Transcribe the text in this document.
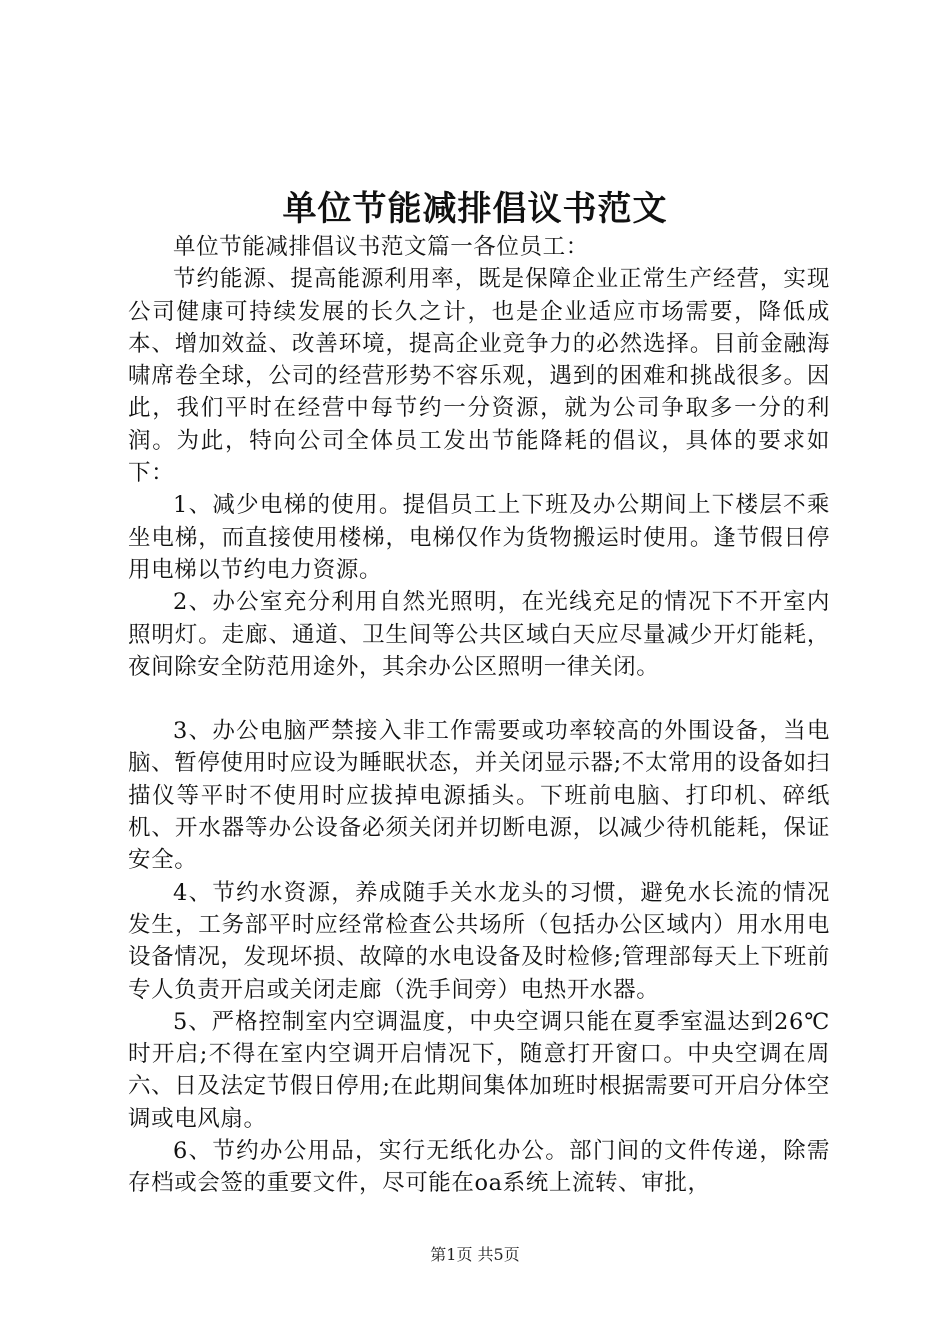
单位节能减排倡议书范文

单位节能减排倡议书范文篇一各位员工：

节约能源、提高能源利用率，既是保障企业正常生产经营，实现公司健康可持续发展的长久之计，也是企业适应市场需要，降低成本、增加效益、改善环境，提高企业竞争力的必然选择。目前金融海啸席卷全球，公司的经营形势不容乐观，遇到的困难和挑战很多。因此，我们平时在经营中每节约一分资源，就为公司争取多一分的利润。为此，特向公司全体员工发出节能降耗的倡议，具体的要求如下：

1、减少电梯的使用。提倡员工上下班及办公期间上下楼层不乘坐电梯，而直接使用楼梯，电梯仅作为货物搬运时使用。逢节假日停用电梯以节约电力资源。

2、办公室充分利用自然光照明，在光线充足的情况下不开室内照明灯。走廊、通道、卫生间等公共区域白天应尽量减少开灯能耗，夜间除安全防范用途外，其余办公区照明一律关闭。

3、办公电脑严禁接入非工作需要或功率较高的外围设备，当电脑、暂停使用时应设为睡眠状态，并关闭显示器;不太常用的设备如扫描仪等平时不使用时应拔掉电源插头。下班前电脑、打印机、碎纸机、开水器等办公设备必须关闭并切断电源，以减少待机能耗，保证安全。

4、节约水资源，养成随手关水龙头的习惯，避免水长流的情况发生，工务部平时应经常检查公共场所（包括办公区域内）用水用电设备情况，发现坏损、故障的水电设备及时检修;管理部每天上下班前专人负责开启或关闭走廊（洗手间旁）电热开水器。

5、严格控制室内空调温度，中央空调只能在夏季室温达到26℃时开启;不得在室内空调开启情况下，随意打开窗口。中央空调在周六、日及法定节假日停用;在此期间集体加班时根据需要可开启分体空调或电风扇。

6、节约办公用品，实行无纸化办公。部门间的文件传递，除需存档或会签的重要文件，尽可能在oa系统上流转、审批，

第1页 共5页
